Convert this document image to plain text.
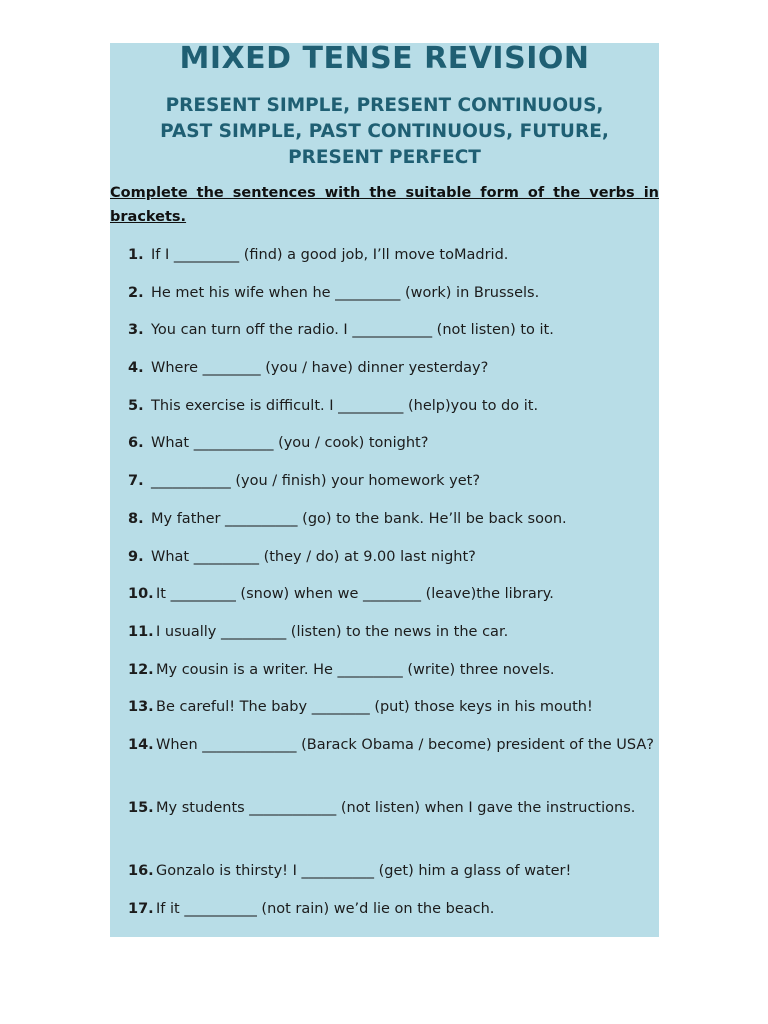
MIXED TENSE REVISION
PRESENT SIMPLE, PRESENT CONTINUOUS,
PAST SIMPLE, PAST CONTINUOUS, FUTURE,
PRESENT PERFECT
Complete the sentences with the suitable form of the verbs in brackets.
1. If I _________ (find) a good job, I’ll move toMadrid.
2. He met his wife when he _________ (work) in Brussels.
3. You can turn off the radio. I ___________ (not listen) to it.
4. Where ________ (you / have) dinner yesterday?
5. This exercise is difficult. I _________ (help)you to do it.
6. What ___________ (you / cook) tonight?
7. ___________ (you / finish) your homework yet?
8. My father __________ (go) to the bank. He’ll be back soon.
9. What _________ (they / do) at 9.00 last night?
10. It _________ (snow) when we ________ (leave)the library.
11. I usually _________ (listen) to the news in the car.
12. My cousin is a writer. He _________ (write) three novels.
13. Be careful! The baby ________ (put) those keys in his mouth!
14. When _____________ (Barack Obama / become) president of the USA?
15. My students ____________ (not listen) when I gave the instructions.
16. Gonzalo is thirsty! I __________ (get) him a glass of water!
17. If it __________ (not rain) we’d lie on the beach.
